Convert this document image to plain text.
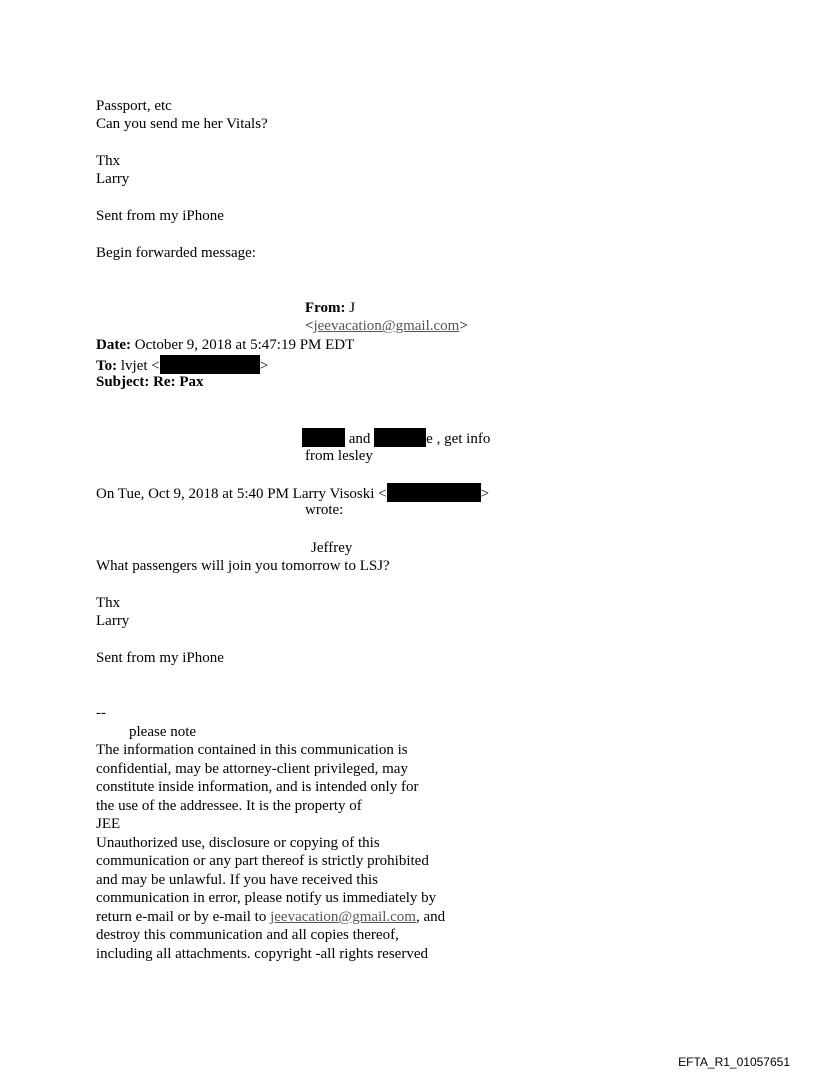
Passport, etc
Can you send me her Vitals?
Thx
Larry
Sent from my iPhone
Begin forwarded message:
From: J
<jeevacation@gmail.com>
Date: October 9, 2018 at 5:47:19 PM EDT
To: lvjet <	>
Subject: Re: Pax
and	e , get info
from lesley
On Tue, Oct 9, 2018 at 5:40 PM Larry Visoski <	>
wrote:
Jeffrey
What passengers will join you tomorrow to LSJ?
Thx
Larry
Sent from my iPhone
--
please note
The information contained in this communication is
confidential, may be attorney-client privileged, may
constitute inside information, and is intended only for
the use of the addressee. It is the property of
JEE
Unauthorized use, disclosure or copying of this
communication or any part thereof is strictly prohibited
and may be unlawful. If you have received this
communication in error, please notify us immediately by
return e-mail or by e-mail to jeevacation@gmail.com, and
destroy this communication and all copies thereof,
including all attachments. copyright -all rights reserved
EFTA_R1_01057651
